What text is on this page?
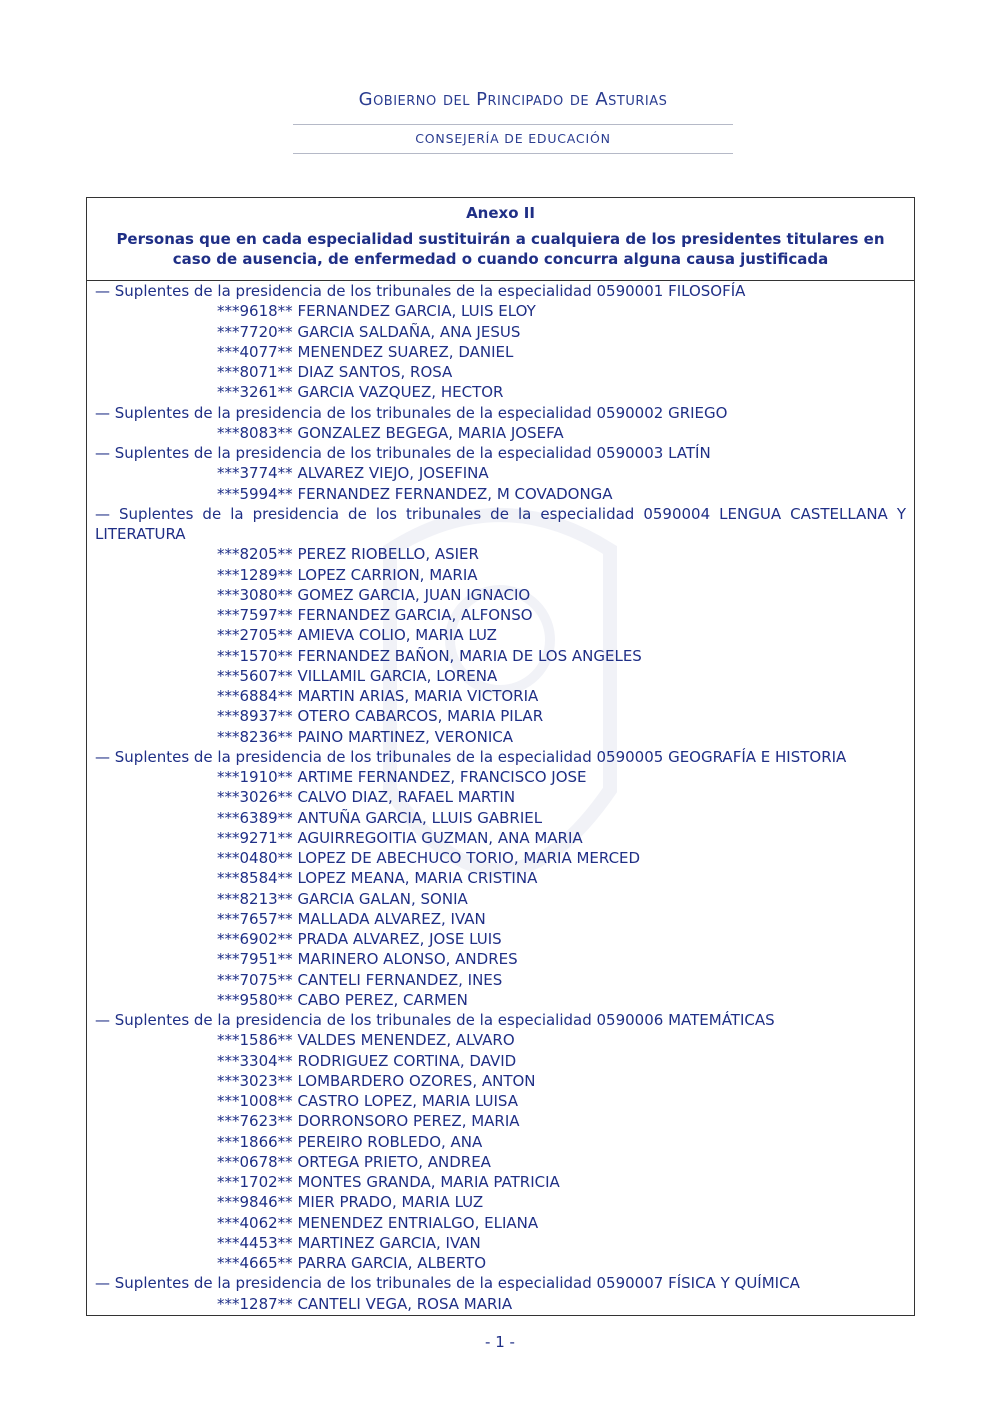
Gobierno del Principado de Asturias
CONSEJERÍA DE EDUCACIÓN
Anexo II
Personas que en cada especialidad sustituirán a cualquiera de los presidentes titulares en caso de ausencia, de enfermedad o cuando concurra alguna causa justificada
— Suplentes de la presidencia de los tribunales de la especialidad 0590001 FILOSOFÍA
***9618** FERNANDEZ GARCIA, LUIS ELOY
***7720** GARCIA SALDAÑA, ANA JESUS
***4077** MENENDEZ SUAREZ, DANIEL
***8071** DIAZ SANTOS, ROSA
***3261** GARCIA VAZQUEZ, HECTOR
— Suplentes de la presidencia de los tribunales de la especialidad 0590002 GRIEGO
***8083** GONZALEZ BEGEGA, MARIA JOSEFA
— Suplentes de la presidencia de los tribunales de la especialidad 0590003 LATÍN
***3774** ALVAREZ VIEJO, JOSEFINA
***5994** FERNANDEZ FERNANDEZ, M COVADONGA
— Suplentes de la presidencia de los tribunales de la especialidad 0590004 LENGUA CASTELLANA Y LITERATURA
***8205** PEREZ RIOBELLO, ASIER
***1289** LOPEZ CARRION, MARIA
***3080** GOMEZ GARCIA, JUAN IGNACIO
***7597** FERNANDEZ GARCIA, ALFONSO
***2705** AMIEVA COLIO, MARIA LUZ
***1570** FERNANDEZ BAÑON, MARIA DE LOS ANGELES
***5607** VILLAMIL GARCIA, LORENA
***6884** MARTIN ARIAS, MARIA VICTORIA
***8937** OTERO CABARCOS, MARIA PILAR
***8236** PAINO MARTINEZ, VERONICA
— Suplentes de la presidencia de los tribunales de la especialidad 0590005 GEOGRAFÍA E HISTORIA
***1910** ARTIME FERNANDEZ, FRANCISCO JOSE
***3026** CALVO DIAZ, RAFAEL MARTIN
***6389** ANTUÑA GARCIA, LLUIS GABRIEL
***9271** AGUIRREGOITIA GUZMAN, ANA MARIA
***0480** LOPEZ DE ABECHUCO TORIO, MARIA MERCED
***8584** LOPEZ MEANA, MARIA CRISTINA
***8213** GARCIA GALAN, SONIA
***7657** MALLADA ALVAREZ, IVAN
***6902** PRADA ALVAREZ, JOSE LUIS
***7951** MARINERO ALONSO, ANDRES
***7075** CANTELI FERNANDEZ, INES
***9580** CABO PEREZ, CARMEN
— Suplentes de la presidencia de los tribunales de la especialidad 0590006 MATEMÁTICAS
***1586** VALDES MENENDEZ, ALVARO
***3304** RODRIGUEZ CORTINA, DAVID
***3023** LOMBARDERO OZORES, ANTON
***1008** CASTRO LOPEZ, MARIA LUISA
***7623** DORRONSORO PEREZ, MARIA
***1866** PEREIRO ROBLEDO, ANA
***0678** ORTEGA PRIETO, ANDREA
***1702** MONTES GRANDA, MARIA PATRICIA
***9846** MIER PRADO, MARIA LUZ
***4062** MENENDEZ ENTRIALGO, ELIANA
***4453** MARTINEZ GARCIA, IVAN
***4665** PARRA GARCIA, ALBERTO
— Suplentes de la presidencia de los tribunales de la especialidad 0590007 FÍSICA Y QUÍMICA
***1287** CANTELI VEGA, ROSA MARIA
- 1 -
